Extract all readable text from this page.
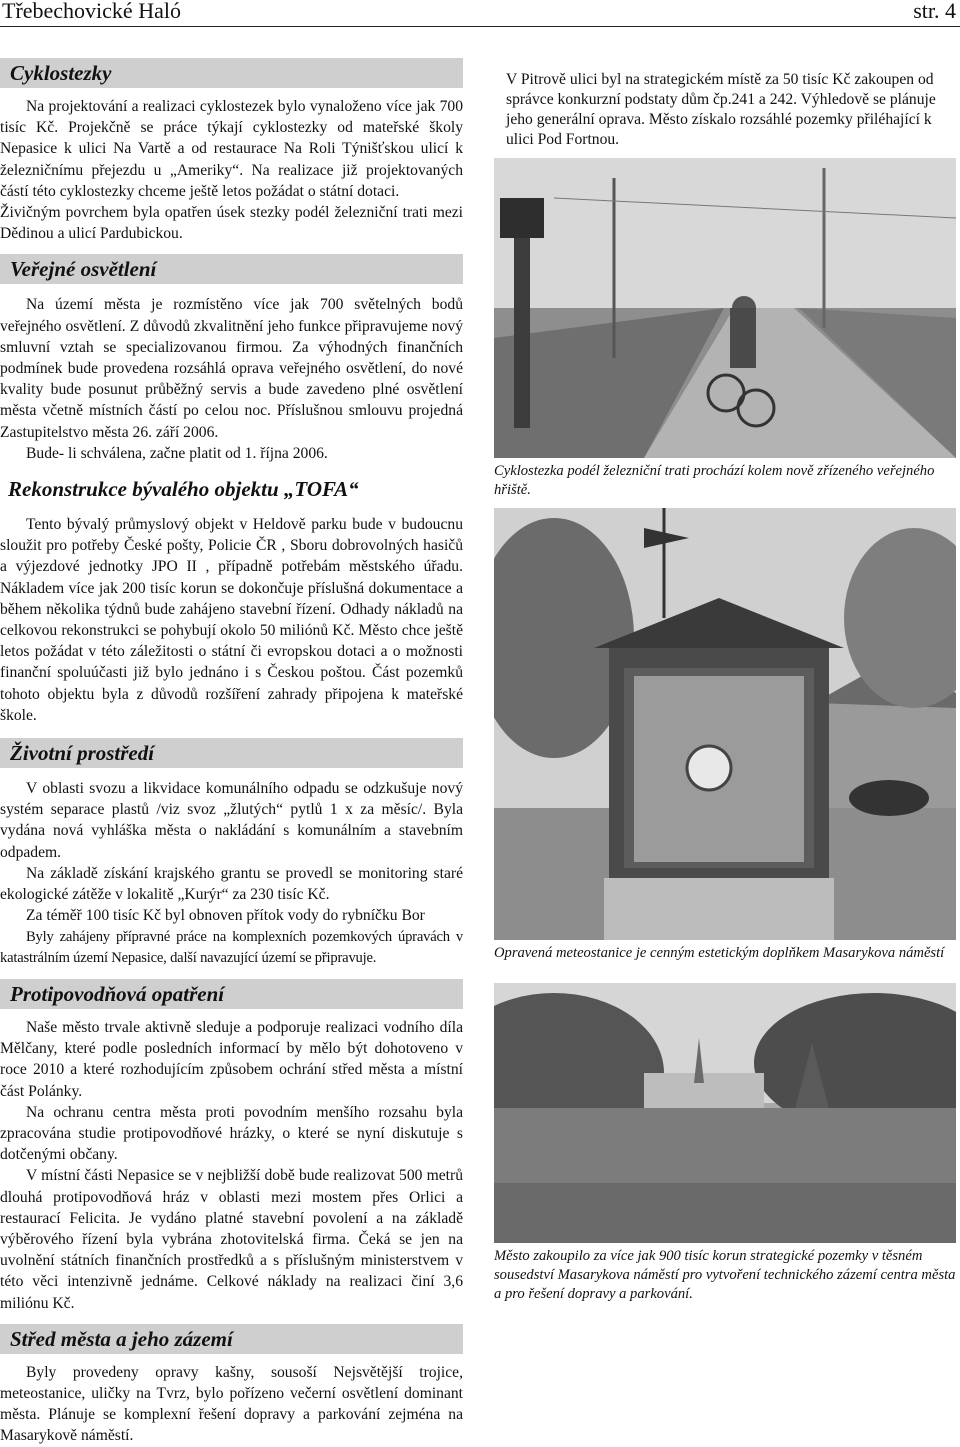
Třebechovické Haló	str. 4
Cyklostezky

Na projektování a realizaci cyklostezek bylo vynaloženo více jak 700 tisíc Kč. Projekčně se práce týkají cyklostezky od mateřské školy Nepasice k ulici Na Vartě a od restaurace Na Roli Týnišťskou ulicí k železničnímu přejezdu u „Ameriky“. Na realizace již projektovaných částí této cyklostezky chceme ještě letos požádat o státní dotaci.

Živičným povrchem byla opatřen úsek stezky podél železniční trati mezi Dědinou a ulicí Pardubickou.

Veřejné osvětlení

Na území města je rozmístěno více jak 700 světelných bodů veřejného osvětlení. Z důvodů zkvalitnění jeho funkce připravujeme nový smluvní vztah se specializovanou firmou. Za výhodných finančních podmínek bude provedena rozsáhlá oprava veřejného osvětlení, do nové kvality bude posunut průběžný servis a bude zavedeno plné osvětlení města včetně místních částí po celou noc. Příslušnou smlouvu projedná Zastupitelstvo města 26. září 2006.

Bude- li schválena, začne platit od 1. října 2006.

Rekonstrukce bývalého objektu „TOFA“

Tento bývalý průmyslový objekt v Heldově parku bude v budoucnu sloužit pro potřeby České pošty, Policie ČR , Sboru dobrovolných hasičů a výjezdové jednotky JPO II , případně potřebám městského úřadu. Nákladem více jak 200 tisíc korun se dokončuje příslušná dokumentace a během několika týdnů bude zahájeno stavební řízení. Odhady nákladů na celkovou rekonstrukci se pohybují okolo 50 miliónů Kč. Město chce ještě letos požádat v této záležitosti o státní či evropskou dotaci a o možnosti finanční spoluúčasti již bylo jednáno i s Českou poštou. Část pozemků tohoto objektu byla z důvodů rozšíření zahrady připojena k mateřské škole.

Životní prostředí

V oblasti svozu a likvidace komunálního odpadu se odzkušuje nový systém separace plastů /viz svoz „žlutých“ pytlů 1 x za měsíc/. Byla vydána nová vyhláška města o nakládání s komunálním a stavebním odpadem.

Na základě získání krajského grantu se provedl se monitoring staré ekologické zátěže v lokalitě „Kurýr“ za 230 tisíc Kč.

Za téměř 100 tisíc Kč byl obnoven přítok vody do rybníčku Bor

Byly zahájeny přípravné práce na komplexních pozemkových úpravách v katastrálním území Nepasice, další navazující území se připravuje.

Protipovodňová opatření

Naše město trvale aktivně sleduje a podporuje realizaci vodního díla Mělčany, které podle posledních informací by mělo být dohotoveno v roce 2010 a které rozhodujícím způsobem ochrání střed města a místní část Polánky.

Na ochranu centra města proti povodním menšího rozsahu byla zpracována studie protipovodňové hrázky, o které se nyní diskutuje s dotčenými občany.

V místní části Nepasice se v nejbližší době bude realizovat 500 metrů dlouhá protipovodňová hráz v oblasti mezi mostem přes Orlici a restaurací Felicita. Je vydáno platné stavební povolení a na základě výběrového řízení byla vybrána zhotovitelská firma. Čeká se jen na uvolnění státních finančních prostředků a s příslušným ministerstvem v této věci intenzivně jednáme. Celkové náklady na realizaci činí 3,6 miliónu Kč.

Střed města a jeho zázemí

Byly provedeny opravy kašny, sousoší Nejsvětější trojice, meteostanice, uličky na Tvrz, bylo pořízeno večerní osvětlení dominant města. Plánuje se komplexní řešení dopravy a parkování zejména na Masarykově náměstí.

V Pitrově ulici byl na strategickém místě za 50 tisíc Kč zakoupen od správce konkurzní podstaty dům čp.241 a 242. Výhledově se plánuje jeho generální oprava. Město získalo rozsáhlé pozemky přiléhající k ulici Pod Fortnou.

Cyklostezka podél železniční trati prochází kolem nově zřízeného veřejného hřiště.

Opravená meteostanice je cenným estetickým doplňkem Masarykova náměstí

Město zakoupilo za více jak 900 tisíc korun strategické pozemky v těsném sousedství Masarykova náměstí pro vytvoření technického zázemí centra města a pro řešení dopravy a parkování.
